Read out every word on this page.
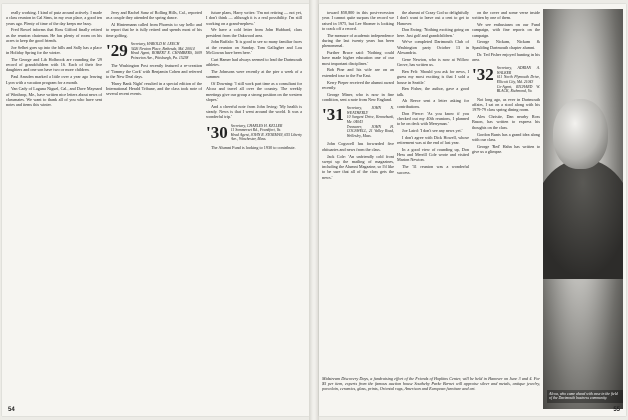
really working. I kind of putz around actively. I made a class reunion in Cal Sims, in my own place, a good ten years ago. Plenty of time of the day keeps me busy.

Fred Rowel informs that Ross Gifford finally retired as the reunion chairman. He has plenty of room on his acres to keep the good friends.

Joe Selbet goes up into the hills and Sally has a place in Holiday Spring for the winter.

The George and Lib Holbrook are rounding the '29 record of grandchildren with 16. Each of their five daughters and one son have two or more children.

Paul Amsden marked a little over a year ago leaving Lyon with a vacation program for a month.

Van Cady of Laguna Niguel, Cal., and Dave Maynard of Winthrop, Me., have written nice letters about news of classmates. We want to thank all of you who have sent notes and items this winter.

Jerry and Rachel Sanz of Rolling Hills, Cal., reported as a couple they attended the spring dance.

Al Hintermann called from Phoenix to say hello and to report that he is fully retired and spends most of his time golfing.

'29 Secretary, HAROLD H. LEECH
3426 Newton Place, Bethesda, Md. 20014
Head Agent, ROBERT E. CHAMBERS, 1609 Princeton Ave., Pittsburgh, Pa. 15238

The Washington Post recently featured a re-creation of 'Tommy the Cork' with Benjamin Cohen and referred to the New Deal days.

'Harry Bank Night' resulted in a special edition of the International Herald Tribune, and the class took note of several recent events.

future plans, Harry writes: 'I'm not retiring — not yet, I don't think — although it is a real possibility. I'm still working on a grand-nephew.'

We have a cold letter from John Hubbard, class president from the Oakwood area.

John Buffalo: 'It is good to see so many familiar faces at the reunion on Sunday. Tom Gallagher and Lou McGowan have been here.'

Curt Hamer had always seemed to lead the Dartmouth athletes.

The Johnsons were recently at the pier a week of a summer.

Of Downing: 'I still work part time as a consultant for Alcoa and travel all over the country. The weekly meetings give our group a strong position on the western slopes.'

And a cheerful note from John Irving: 'My health is steady. News is that I went around the world. It was a wonderful trip.'

'30 Secretary, CHARLES H. KELLER
11 Sommerset Rd., Frankfort, Va.
Head Agent, JOHN R. STORMAN, 655 Liberty Ave., Winchester, Mass.

The Alumni Fund is looking to 1930 to contribute.

54

toward $58,800 in this post-recession year. I cannot quite surpass the record we raised in 1975, but Lee Shomer is looking to crack off a record.

The measure of academic independence during the last twenty years has been phenomenal.

Further Bruce said: 'Nothing could have made higher education one of our most important disciplines.'

Bob Pine and his wife are on an extended tour to the Far East.

Kerry Pieper received the alumni award recently.

George Miner, who is now in fine condition, sent a note from New England.

'31 Secretary, JOHN N. WEATHERLY
10 Sargent Drive, Kennebunk, Me. 04043
Treasurer, JOHN H. COGSWELL, 21 Valley Road, Wellesley, Mass.

John Cogswell has forwarded five obituaries and news from the class.

Jack Cole: 'An unfriendly cold front swept up the mailing of magazines, including the Alumni Magazine, so I'd like to be sure that all of the class gets the news.'

the alumni of Crazy Cod so delightfully I don't want to leave out a cent to get to Hanover.

Don Ewing: 'Nothing exciting going on here. Just golf and grandchildren.'

We've completed Dartmouth Club of Washington party October 13 in Alexandria.

Gene Newton, who is now at Willow Grove, has written us.

Ben Felt: 'Should you ask for news, I guess my most exciting is that I sold a house in Seattle.'

Ben Fisher, the author, gave a good talk.

Ab Reece sent a letter asking for contributions.

Don Pierce: 'As you know if you checked out my 40th reunions, I planned to be on deck with Merryman.'

Joe Laird: 'I don't see any news yet.'

I don't agree with Dick Howell, whose retirement was at the end of last year.

In a good view of rounding up, Don Hess and Merrill Cole wrote and visited Marion Newton.

The '31 reunion was a wonderful success.

on the cover and some verse inside written by one of them.

We see enthusiasm on our Fund campaign, with fine reports on the campaign.

George Nickam, Nickam & Spaulding Dartmouth chapter alumni.

Dr. Ted Fisher enjoyed hunting in his area.

'32 Secretary, ADRIAN A. WALKER
611 North Plymouth Drive, Ellicott City, Md. 21043
Co-Agent, RICHARD W. BLACK, Richmond, Va.

Not long ago, as ever in Dartmouth affairs, I sat on a stool along with his 1979-79 class spring dining room.

Alex Christie, Dan nearby Ross Bason, has written to express his thoughts on the class.

Gordon Bunts has a grand idea along with our class.

George 'Red' Hahn has written to give us a glimpse.

Alcoa, who came ahead with ease in the field of the Dartmouth business community.
55
Midstream Discovery Days, a fundraising effort of the Friends of Hopkins Center, will be held in Hanover on June 3 and 4. For $5 per item, experts from the famous auction house Southeby Parke Bernet will appraise silver and metals, antique jewelry, porcelain, ceramics, glass, prints, Oriental rugs, American and European furniture and art.
